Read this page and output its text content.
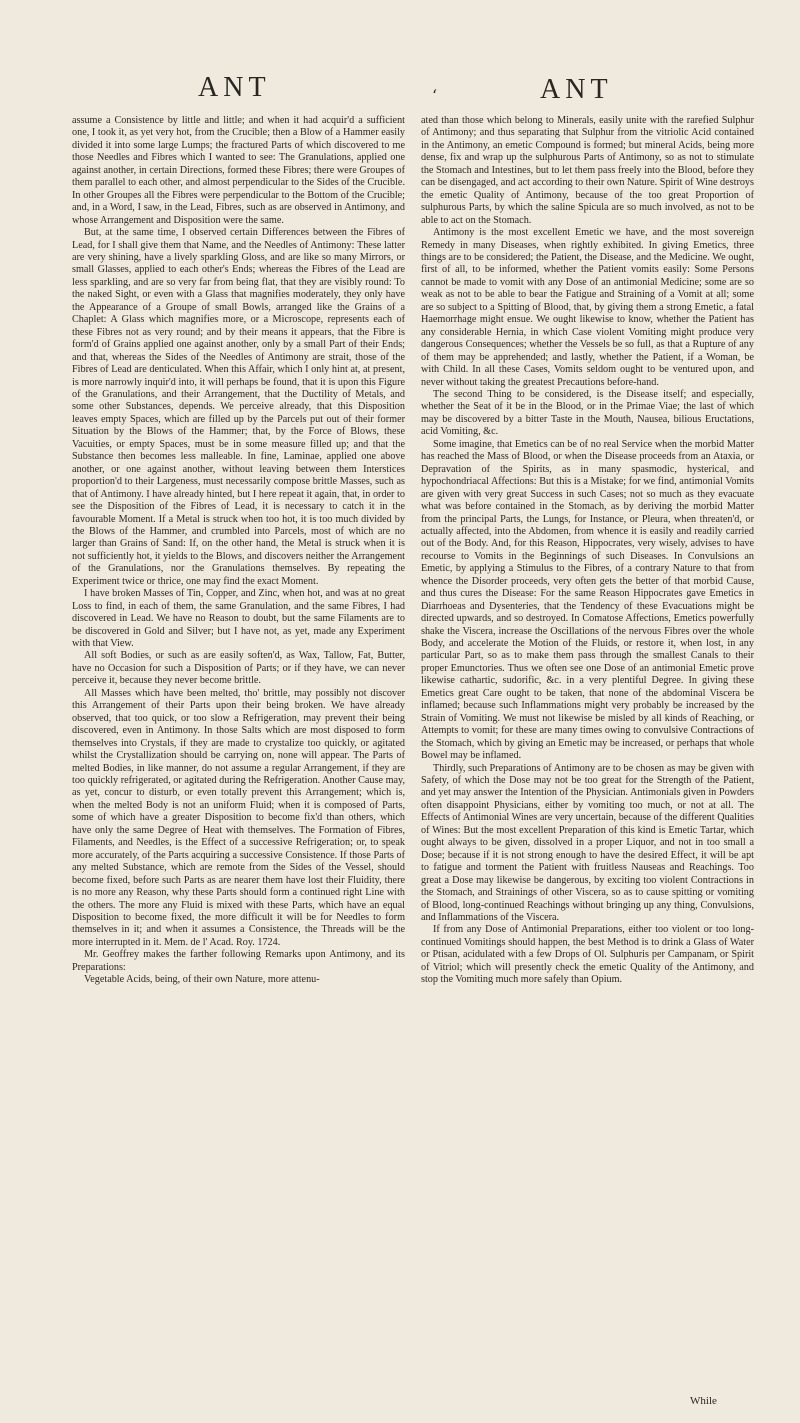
ANT	ʻ	ANT

assume a Consistence by little and little; and when it had acquir'd a sufficient one, I took it, as yet very hot, from the Crucible; then a Blow of a Hammer easily divided it into some large Lumps; the fractured Parts of which discovered to me those Needles and Fibres which I wanted to see: The Granulations, applied one against another, in certain Directions, formed these Fibres; there were Groupes of them parallel to each other, and almost perpendicular to the Sides of the Crucible. In other Groupes all the Fibres were perpendicular to the Bottom of the Crucible; and, in a Word, I saw, in the Lead, Fibres, such as are observed in Antimony, and whose Arrangement and Disposition were the same.

But, at the same time, I observed certain Differences between the Fibres of Lead, for I shall give them that Name, and the Needles of Antimony: These latter are very shining, have a lively sparkling Gloss, and are like so many Mirrors, or small Glasses, applied to each other's Ends; whereas the Fibres of the Lead are less sparkling, and are so very far from being flat, that they are visibly round: To the naked Sight, or even with a Glass that magnifies moderately, they only have the Appearance of a Groupe of small Bowls, arranged like the Grains of a Chaplet: A Glass which magnifies more, or a Microscope, represents each of these Fibres not as very round; and by their means it appears, that the Fibre is form'd of Grains applied one against another, only by a small Part of their Ends; and that, whereas the Sides of the Needles of Antimony are strait, those of the Fibres of Lead are denticulated. When this Affair, which I only hint at, at present, is more narrowly inquir'd into, it will perhaps be found, that it is upon this Figure of the Granulations, and their Arrangement, that the Ductility of Metals, and some other Substances, depends. We perceive already, that this Disposition leaves empty Spaces, which are filled up by the Parcels put out of their former Situation by the Blows of the Hammer; that, by the Force of Blows, these Vacuities, or empty Spaces, must be in some measure filled up; and that the Substance then becomes less malleable. In fine, Laminae, applied one above another, or one against another, without leaving between them Interstices proportion'd to their Largeness, must necessarily compose brittle Masses, such as that of Antimony. I have already hinted, but I here repeat it again, that, in order to see the Disposition of the Fibres of Lead, it is necessary to catch it in the favourable Moment. If a Metal is struck when too hot, it is too much divided by the Blows of the Hammer, and crumbled into Parcels, most of which are no larger than Grains of Sand: If, on the other hand, the Metal is struck when it is not sufficiently hot, it yields to the Blows, and discovers neither the Arrangement of the Granulations, nor the Granulations themselves. By repeating the Experiment twice or thrice, one may find the exact Moment.

I have broken Masses of Tin, Copper, and Zinc, when hot, and was at no great Loss to find, in each of them, the same Granulation, and the same Fibres, I had discovered in Lead. We have no Reason to doubt, but the same Filaments are to be discovered in Gold and Silver; but I have not, as yet, made any Experiment with that View.

All soft Bodies, or such as are easily soften'd, as Wax, Tallow, Fat, Butter, have no Occasion for such a Disposition of Parts; or if they have, we can never perceive it, because they never become brittle.

All Masses which have been melted, tho' brittle, may possibly not discover this Arrangement of their Parts upon their being broken. We have already observed, that too quick, or too slow a Refrigeration, may prevent their being discovered, even in Antimony. In those Salts which are most disposed to form themselves into Crystals, if they are made to crystalize too quickly, or agitated whilst the Crystallization should be carrying on, none will appear. The Parts of melted Bodies, in like manner, do not assume a regular Arrangement, if they are too quickly refrigerated, or agitated during the Refrigeration. Another Cause may, as yet, concur to disturb, or even totally prevent this Arrangement; which is, when the melted Body is not an uniform Fluid; when it is composed of Parts, some of which have a greater Disposition to become fix'd than others, which have only the same Degree of Heat with themselves. The Formation of Fibres, Filaments, and Needles, is the Effect of a successive Refrigeration; or, to speak more accurately, of the Parts acquiring a successive Consistence. If those Parts of any melted Substance, which are remote from the Sides of the Vessel, should become fixed, before such Parts as are nearer them have lost their Fluidity, there is no more any Reason, why these Parts should form a continued right Line with the others. The more any Fluid is mixed with these Parts, which have an equal Disposition to become fixed, the more difficult it will be for Needles to form themselves in it; and when it assumes a Consistence, the Threads will be the more interrupted in it. Mem. de l' Acad. Roy. 1724.

Mr. Geoffrey makes the farther following Remarks upon Antimony, and its Preparations:

Vegetable Acids, being, of their own Nature, more attenu-

ated than those which belong to Minerals, easily unite with the rarefied Sulphur of Antimony; and thus separating that Sulphur from the vitriolic Acid contained in the Antimony, an emetic Compound is formed; but mineral Acids, being more dense, fix and wrap up the sulphurous Parts of Antimony, so as not to stimulate the Stomach and Intestines, but to let them pass freely into the Blood, before they can be disengaged, and act according to their own Nature. Spirit of Wine destroys the emetic Quality of Antimony, because of the too great Proportion of sulphurous Parts, by which the saline Spicula are so much involved, as not to be able to act on the Stomach.

Antimony is the most excellent Emetic we have, and the most sovereign Remedy in many Diseases, when rightly exhibited. In giving Emetics, three things are to be considered; the Patient, the Disease, and the Medicine. We ought, first of all, to be informed, whether the Patient vomits easily: Some Persons cannot be made to vomit with any Dose of an antimonial Medicine; some are so weak as not to be able to bear the Fatigue and Straining of a Vomit at all; some are so subject to a Spitting of Blood, that, by giving them a strong Emetic, a fatal Haemorrhage might ensue. We ought likewise to know, whether the Patient has any considerable Hernia, in which Case violent Vomiting might produce very dangerous Consequences; whether the Vessels be so full, as that a Rupture of any of them may be apprehended; and lastly, whether the Patient, if a Woman, be with Child. In all these Cases, Vomits seldom ought to be ventured upon, and never without taking the greatest Precautions before-hand.

The second Thing to be considered, is the Disease itself; and especially, whether the Seat of it be in the Blood, or in the Primae Viae; the last of which may be discovered by a bitter Taste in the Mouth, Nausea, bilious Eructations, acid Vomiting, &c.

Some imagine, that Emetics can be of no real Service when the morbid Matter has reached the Mass of Blood, or when the Disease proceeds from an Ataxia, or Depravation of the Spirits, as in many spasmodic, hysterical, and hypochondriacal Affections: But this is a Mistake; for we find, antimonial Vomits are given with very great Success in such Cases; not so much as they evacuate what was before contained in the Stomach, as by deriving the morbid Matter from the principal Parts, the Lungs, for Instance, or Pleura, when threaten'd, or actually affected, into the Abdomen, from whence it is easily and readily carried out of the Body. And, for this Reason, Hippocrates, very wisely, advises to have recourse to Vomits in the Beginnings of such Diseases. In Convulsions an Emetic, by applying a Stimulus to the Fibres, of a contrary Nature to that from whence the Disorder proceeds, very often gets the better of that morbid Cause, and thus cures the Disease: For the same Reason Hippocrates gave Emetics in Diarrhoeas and Dysenteries, that the Tendency of these Evacuations might be directed upwards, and so destroyed. In Comatose Affections, Emetics powerfully shake the Viscera, increase the Oscillations of the nervous Fibres over the whole Body, and accelerate the Motion of the Fluids, or restore it, when lost, in any particular Part, so as to make them pass through the smallest Canals to their proper Emunctories. Thus we often see one Dose of an antimonial Emetic prove likewise cathartic, sudorific, &c. in a very plentiful Degree. In giving these Emetics great Care ought to be taken, that none of the abdominal Viscera be inflamed; because such Inflammations might very probably be increased by the Strain of Vomiting. We must not likewise be misled by all kinds of Reaching, or Attempts to vomit; for these are many times owing to convulsive Contractions of the Stomach, which by giving an Emetic may be increased, or perhaps that whole Bowel may be inflamed.

Thirdly, such Preparations of Antimony are to be chosen as may be given with Safety, of which the Dose may not be too great for the Strength of the Patient, and yet may answer the Intention of the Physician. Antimonials given in Powders often disappoint Physicians, either by vomiting too much, or not at all. The Effects of Antimonial Wines are very uncertain, because of the different Qualities of Wines: But the most excellent Preparation of this kind is Emetic Tartar, which ought always to be given, dissolved in a proper Liquor, and not in too small a Dose; because if it is not strong enough to have the desired Effect, it will be apt to fatigue and torment the Patient with fruitless Nauseas and Reachings. Too great a Dose may likewise be dangerous, by exciting too violent Contractions in the Stomach, and Strainings of other Viscera, so as to cause spitting or vomiting of Blood, long-continued Reachings without bringing up any thing, Convulsions, and Inflammations of the Viscera.

If from any Dose of Antimonial Preparations, either too violent or too long-continued Vomitings should happen, the best Method is to drink a Glass of Water or Ptisan, acidulated with a few Drops of Ol. Sulphuris per Campanam, or Spirit of Vitriol; which will presently check the emetic Quality of the Antimony, and stop the Vomiting much more safely than Opium.

While
